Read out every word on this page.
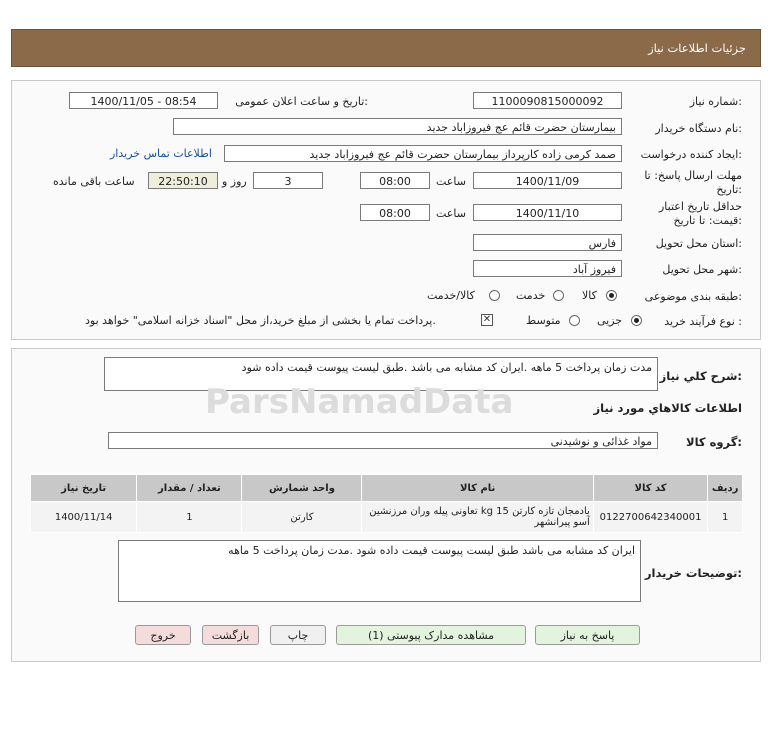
جزئیات اطلاعات نیاز
شماره نیاز:
1100090815000092
تاریخ و ساعت اعلان عمومی:
1400/11/05 - 08:54
نام دستگاه خریدار:
بیمارستان حضرت قائم عج فیروزاباد جدید
ایجاد کننده درخواست:
صمد کرمی زاده کارپرداز بیمارستان حضرت قائم عج فیروزاباد جدید
اطلاعات تماس خریدار
مهلت ارسال پاسخ: تا تاریخ:
1400/11/09
ساعت
08:00
3
روز و
22:50:10
ساعت باقی مانده
حداقل تاریخ اعتبار قیمت: تا تاریخ:
1400/11/10
ساعت
08:00
استان محل تحویل:
فارس
شهر محل تحویل:
فیروز آباد
طبقه بندی موضوعی:
کالا
خدمت
کالا/خدمت
نوع فرآیند خرید :
جزیی
متوسط
✕
پرداخت تمام یا بخشی از مبلغ خرید،از محل "اسناد خزانه اسلامی" خواهد بود.
شرح کلي نياز:
مدت زمان پرداخت 5 ماهه .ایران کد مشابه می باشد .طبق لیست پیوست قیمت داده شود
اطلاعات کالاهاي مورد نياز
گروه کالا:
مواد غذائی و نوشیدنی
ردیف	کد کالا	نام کالا	واحد شمارش	تعداد / مقدار	تاریخ نیاز
1	0122700642340001	بادمجان تازه کارتن 15 kg تعاونی پیله وران مرزنشین آسو پیرانشهر	کارتن	1	1400/11/14
توضیحات خریدار:
ایران کد مشابه می باشد طبق لیست پیوست قیمت داده شود .مدت زمان پرداخت 5 ماهه
ParsNamadData
پاسخ به نیاز
مشاهده مدارک پیوستی (1)
چاپ
بازگشت
خروج
